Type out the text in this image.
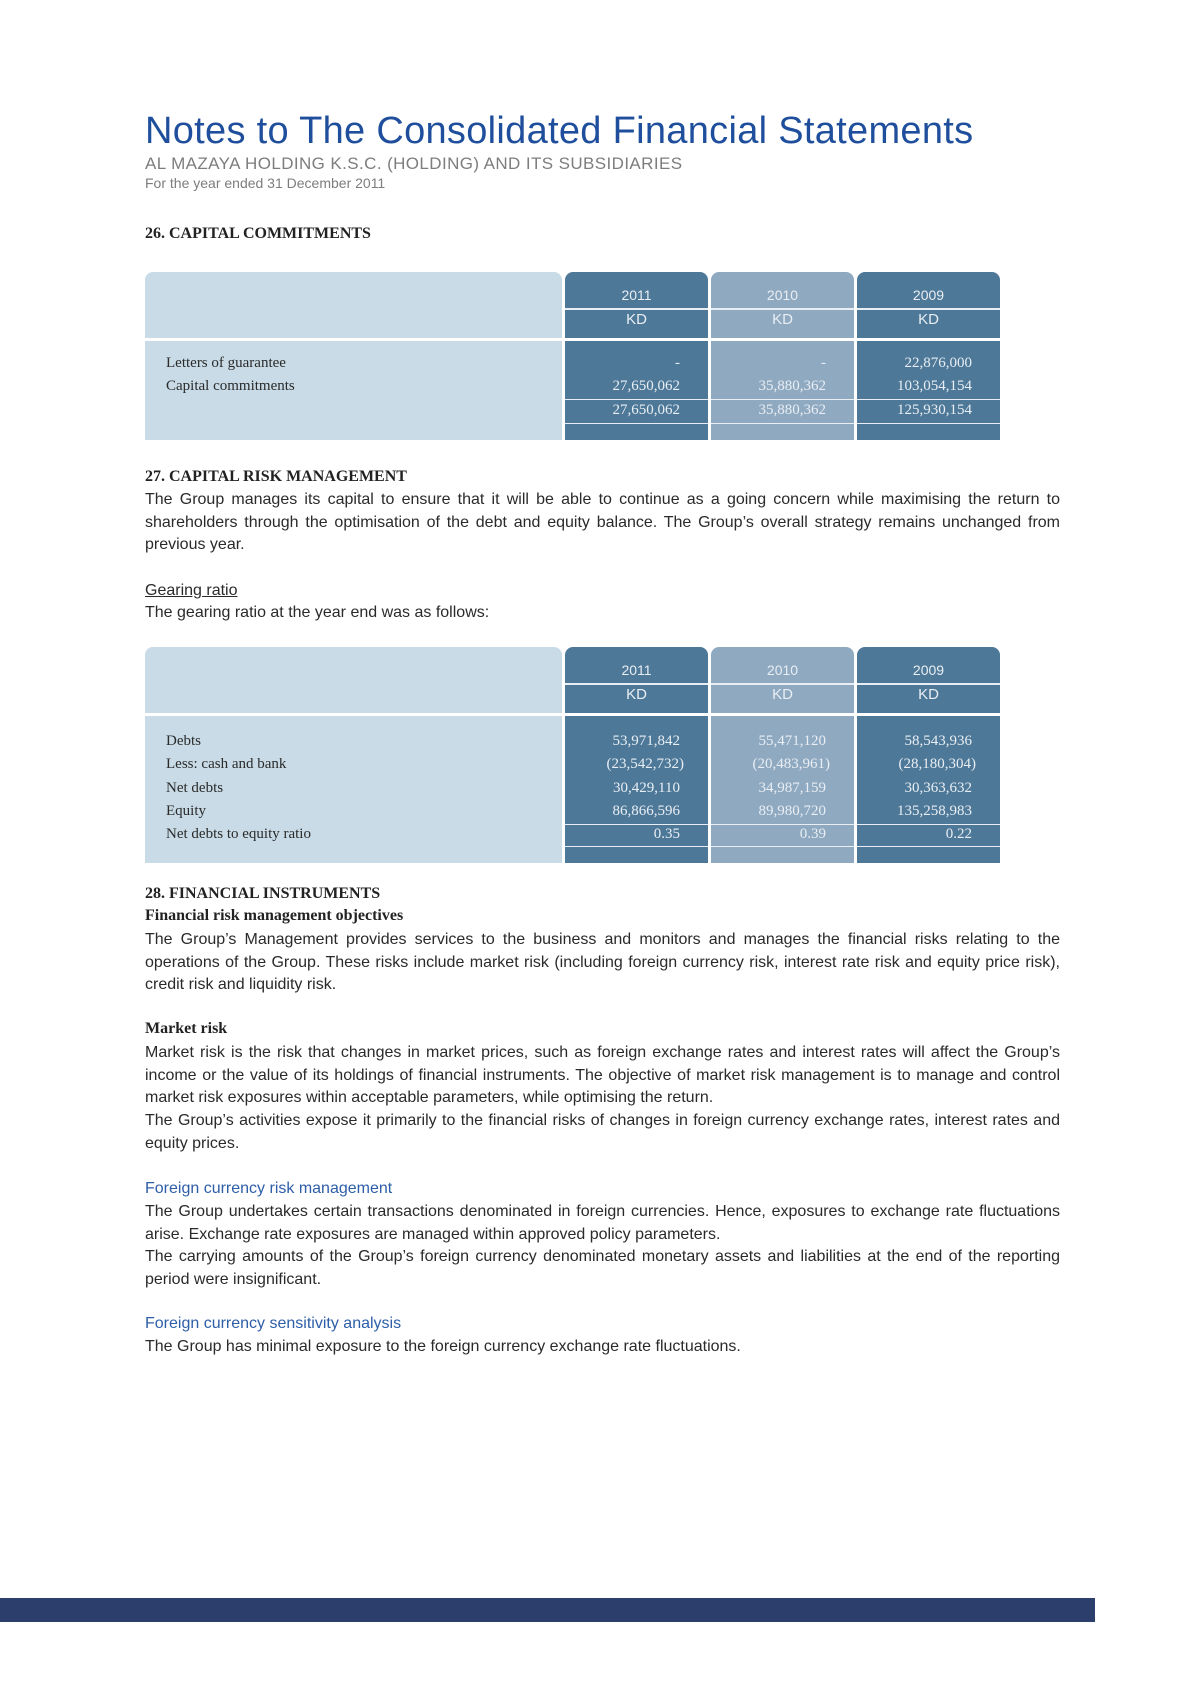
Notes to The Consolidated Financial Statements
AL MAZAYA HOLDING K.S.C. (HOLDING) AND ITS SUBSIDIARIES
For the year ended 31 December 2011
26. CAPITAL COMMITMENTS
2011
KD
-
27,650,062
27,650,062
2010
KD
-
35,880,362
35,880,362
2009
KD
22,876,000
103,054,154
125,930,154
Letters of guarantee
Capital commitments
27. CAPITAL RISK MANAGEMENT
The Group manages its capital to ensure that it will be able to continue as a going concern while maximising the return to shareholders through the optimisation of the debt and equity balance. The Group’s overall strategy remains unchanged from previous year.
Gearing ratio
The gearing ratio at the year end was as follows:
2011
KD
53,971,842
(23,542,732)
30,429,110
86,866,596
0.35
2010
KD
55,471,120
(20,483,961)
34,987,159
89,980,720
0.39
2009
KD
58,543,936
(28,180,304)
30,363,632
135,258,983
0.22
Debts
Less: cash and bank
Net debts
Equity
Net debts to equity ratio
28. FINANCIAL INSTRUMENTS
Financial risk management objectives
The Group’s Management provides services to the business and monitors and manages the financial risks relating to the operations of the Group. These risks include market risk (including foreign currency risk, interest rate risk and equity price risk), credit risk and liquidity risk.
Market risk
Market risk is the risk that changes in market prices, such as foreign exchange rates and interest rates will affect the Group’s income or the value of its holdings of financial instruments. The objective of market risk management is to manage and control market risk exposures within acceptable parameters, while optimising the return.
The Group’s activities expose it primarily to the financial risks of changes in foreign currency exchange rates, interest rates and equity prices.
Foreign currency risk management
The Group undertakes certain transactions denominated in foreign currencies. Hence, exposures to exchange rate fluctuations arise. Exchange rate exposures are managed within approved policy parameters.
The carrying amounts of the Group’s foreign currency denominated monetary assets and liabilities at the end of the reporting period were insignificant.
Foreign currency sensitivity analysis
The Group has minimal exposure to the foreign currency exchange rate fluctuations.
